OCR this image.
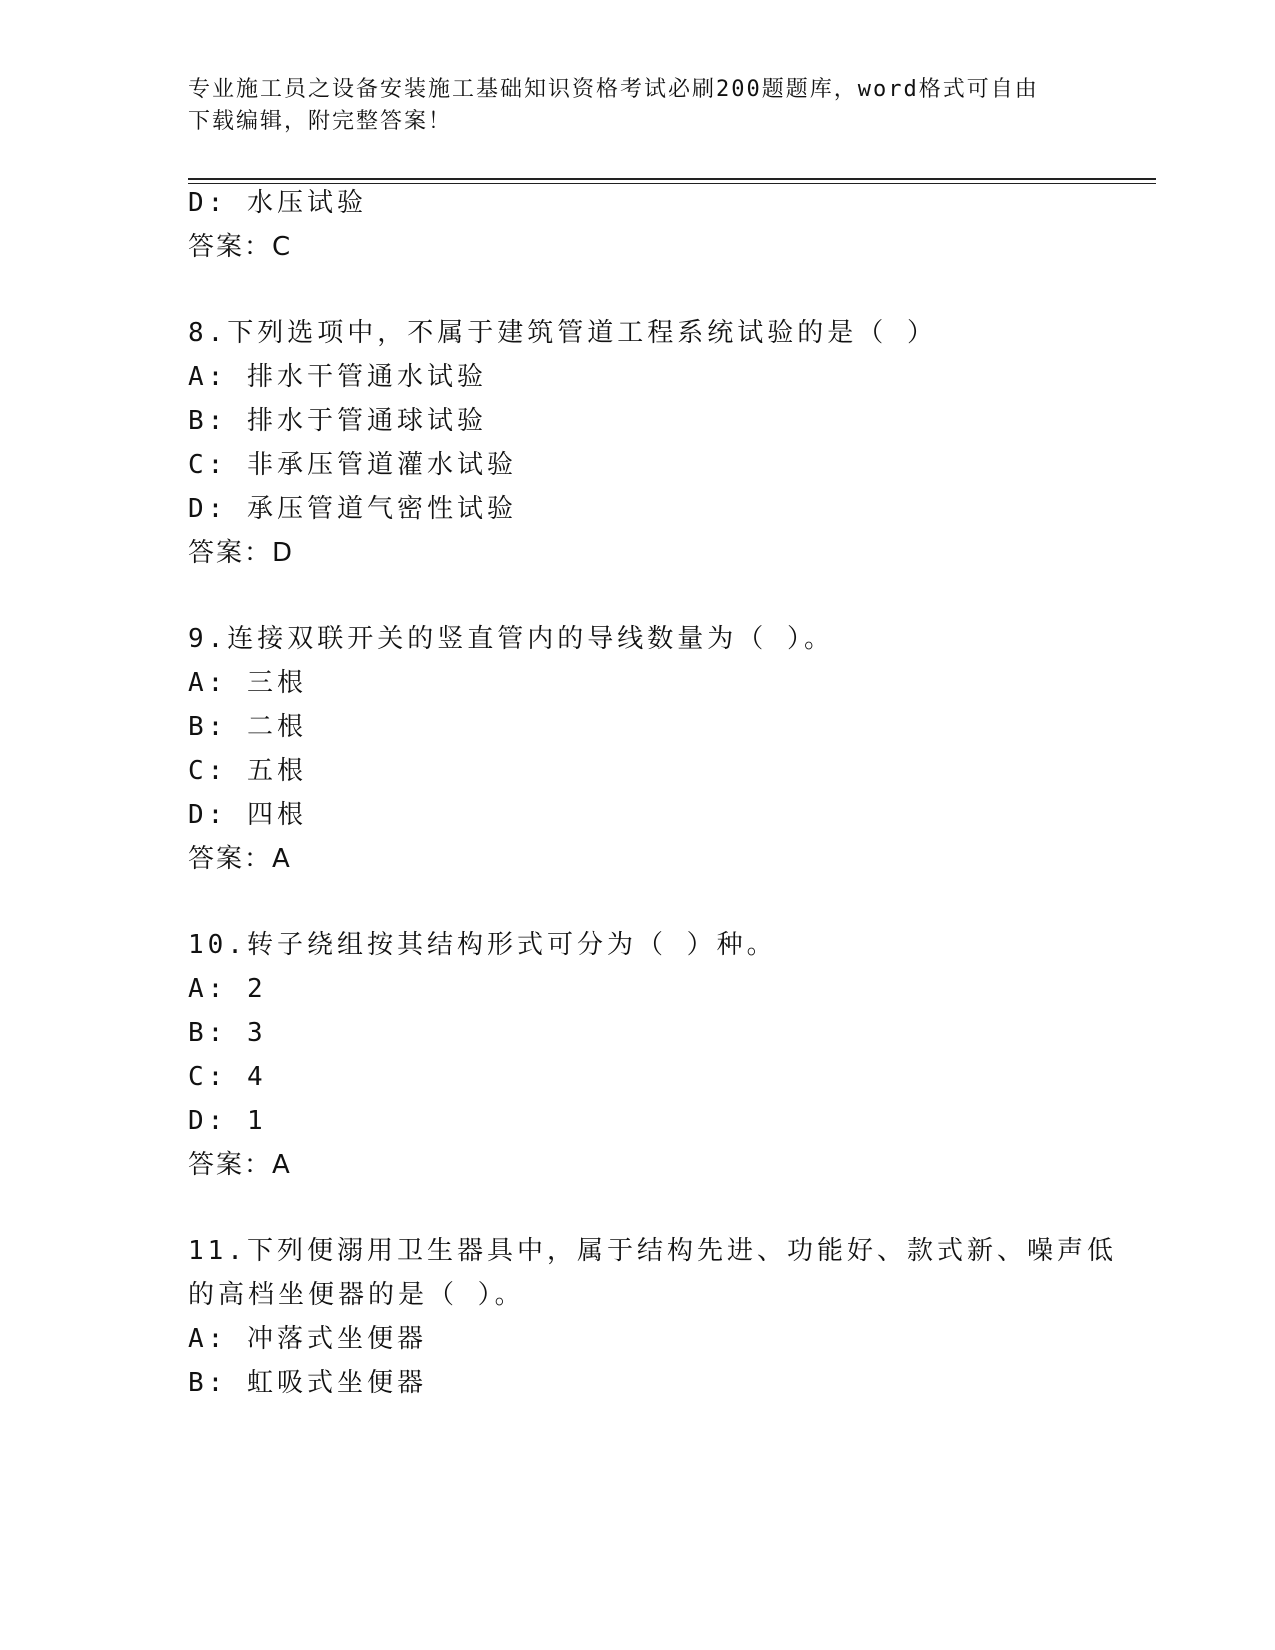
专业施工员之设备安装施工基础知识资格考试必刷200题题库，word格式可自由
下载编辑，附完整答案！
D: 水压试验
答案：C
8.下列选项中，不属于建筑管道工程系统试验的是（ ）
A: 排水干管通水试验
B: 排水于管通球试验
C: 非承压管道灌水试验
D: 承压管道气密性试验
答案：D
9.连接双联开关的竖直管内的导线数量为（ ）。
A: 三根
B: 二根
C: 五根
D: 四根
答案：A
10.转子绕组按其结构形式可分为（ ）种。
A: 2
B: 3
C: 4
D: 1
答案：A
11.下列便溺用卫生器具中，属于结构先进、功能好、款式新、噪声低
的高档坐便器的是（ ）。
A: 冲落式坐便器
B: 虹吸式坐便器
